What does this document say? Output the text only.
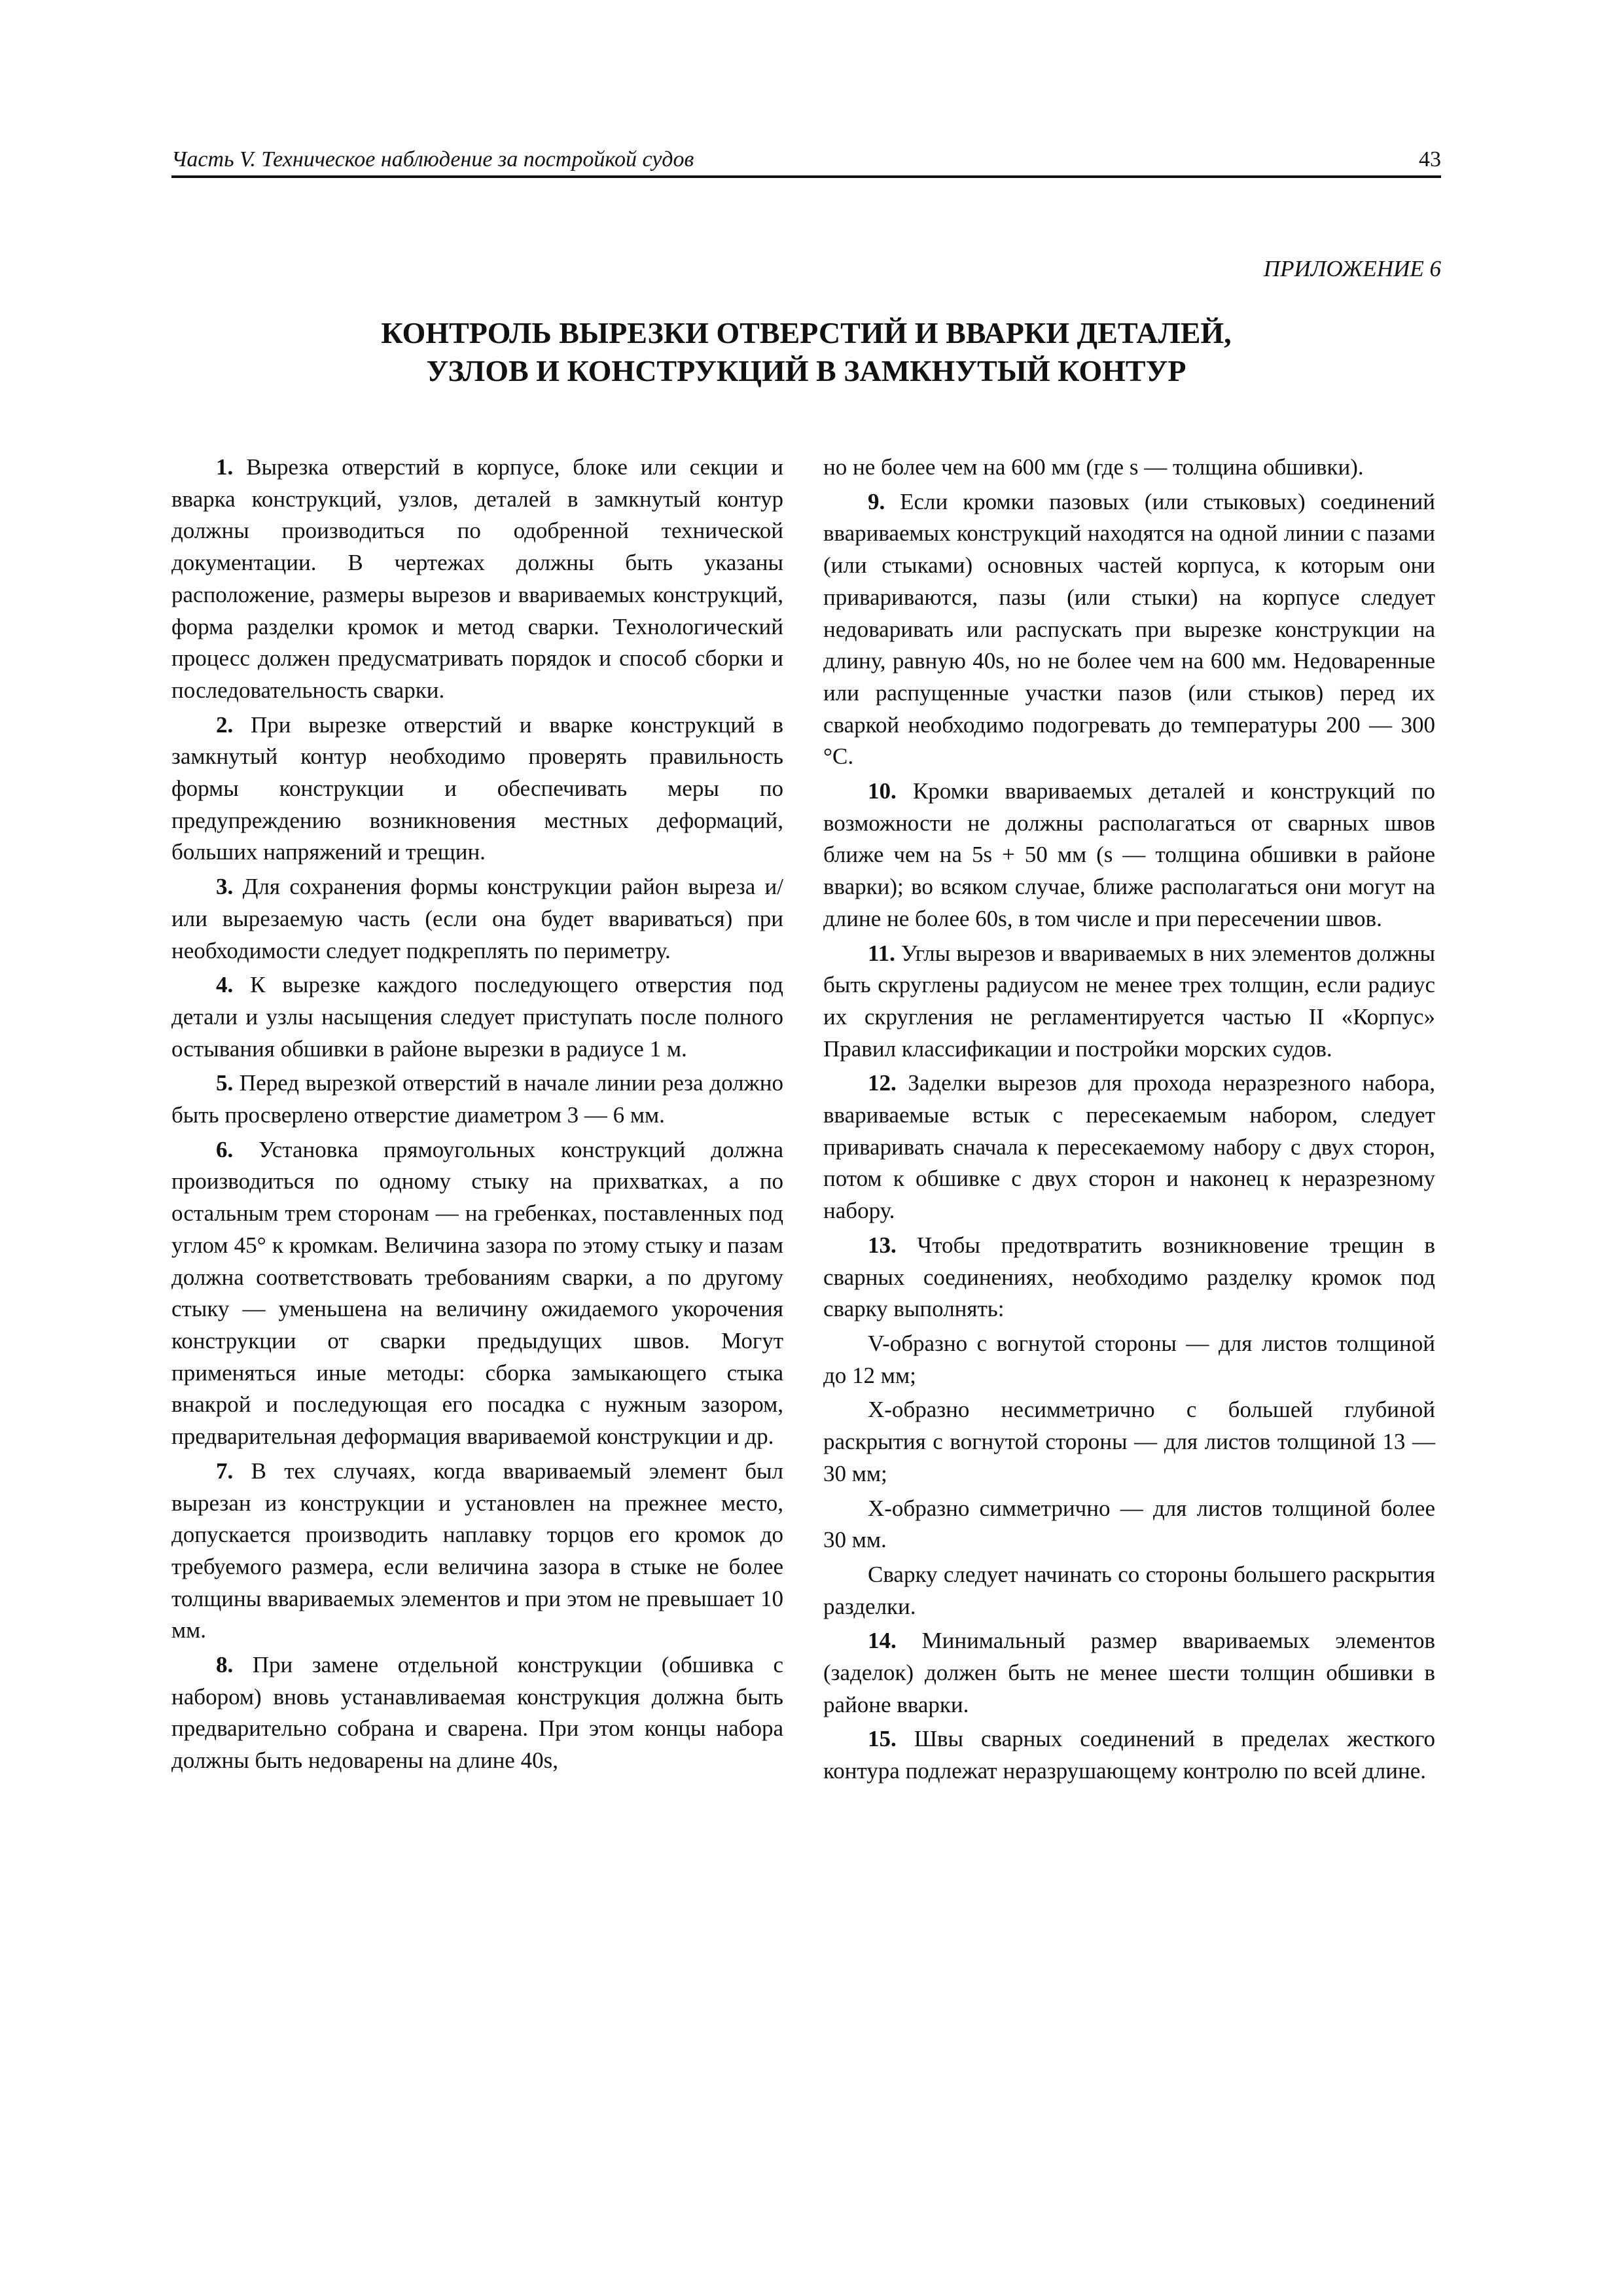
Часть V. Техническое наблюдение за постройкой судов	43
ПРИЛОЖЕНИЕ 6
КОНТРОЛЬ ВЫРЕЗКИ ОТВЕРСТИЙ И ВВАРКИ ДЕТАЛЕЙ,
УЗЛОВ И КОНСТРУКЦИЙ В ЗАМКНУТЫЙ КОНТУР

1. Вырезка отверстий в корпусе, блоке или секции и вварка конструкций, узлов, деталей в замкнутый контур должны производиться по одобренной технической документации. В чертежах должны быть указаны расположение, размеры вырезов и ввариваемых конструкций, форма разделки кромок и метод сварки. Технологический процесс должен предусматривать порядок и способ сборки и последовательность сварки.

2. При вырезке отверстий и вварке конструкций в замкнутый контур необходимо проверять правильность формы конструкции и обеспечивать меры по предупреждению возникновения местных деформаций, больших напряжений и трещин.

3. Для сохранения формы конструкции район выреза и/или вырезаемую часть (если она будет ввариваться) при необходимости следует подкреплять по периметру.

4. К вырезке каждого последующего отверстия под детали и узлы насыщения следует приступать после полного остывания обшивки в районе вырезки в радиусе 1 м.

5. Перед вырезкой отверстий в начале линии реза должно быть просверлено отверстие диаметром 3 — 6 мм.

6. Установка прямоугольных конструкций должна производиться по одному стыку на прихватках, а по остальным трем сторонам — на гребенках, поставленных под углом 45° к кромкам. Величина зазора по этому стыку и пазам должна соответствовать требованиям сварки, а по другому стыку — уменьшена на величину ожидаемого укорочения конструкции от сварки предыдущих швов. Могут применяться иные методы: сборка замыкающего стыка внакрой и последующая его посадка с нужным зазором, предварительная деформация ввариваемой конструкции и др.

7. В тех случаях, когда ввариваемый элемент был вырезан из конструкции и установлен на прежнее место, допускается производить наплавку торцов его кромок до требуемого размера, если величина зазора в стыке не более толщины ввариваемых элементов и при этом не превышает 10 мм.

8. При замене отдельной конструкции (обшивка с набором) вновь устанавливаемая конструкция должна быть предварительно собрана и сварена. При этом концы набора должны быть недоварены на длине 40s,

но не более чем на 600 мм (где s — толщина обшивки).

9. Если кромки пазовых (или стыковых) соединений ввариваемых конструкций находятся на одной линии с пазами (или стыками) основных частей корпуса, к которым они привариваются, пазы (или стыки) на корпусе следует недоваривать или распускать при вырезке конструкции на длину, равную 40s, но не более чем на 600 мм. Недоваренные или распущенные участки пазов (или стыков) перед их сваркой необходимо подогревать до температуры 200 — 300 °С.

10. Кромки ввариваемых деталей и конструкций по возможности не должны располагаться от сварных швов ближе чем на 5s + 50 мм (s — толщина обшивки в районе вварки); во всяком случае, ближе располагаться они могут на длине не более 60s, в том числе и при пересечении швов.

11. Углы вырезов и ввариваемых в них элементов должны быть скруглены радиусом не менее трех толщин, если радиус их скругления не регламентируется частью II «Корпус» Правил классификации и постройки морских судов.

12. Заделки вырезов для прохода неразрезного набора, ввариваемые встык с пересекаемым набором, следует приваривать сначала к пересекаемому набору с двух сторон, потом к обшивке с двух сторон и наконец к неразрезному набору.

13. Чтобы предотвратить возникновение трещин в сварных соединениях, необходимо разделку кромок под сварку выполнять:

V-образно с вогнутой стороны — для листов толщиной до 12 мм;

X-образно несимметрично с большей глубиной раскрытия с вогнутой стороны — для листов толщиной 13 — 30 мм;

X-образно симметрично — для листов толщиной более 30 мм.

Сварку следует начинать со стороны большего раскрытия разделки.

14. Минимальный размер ввариваемых элементов (заделок) должен быть не менее шести толщин обшивки в районе вварки.

15. Швы сварных соединений в пределах жесткого контура подлежат неразрушающему контролю по всей длине.
